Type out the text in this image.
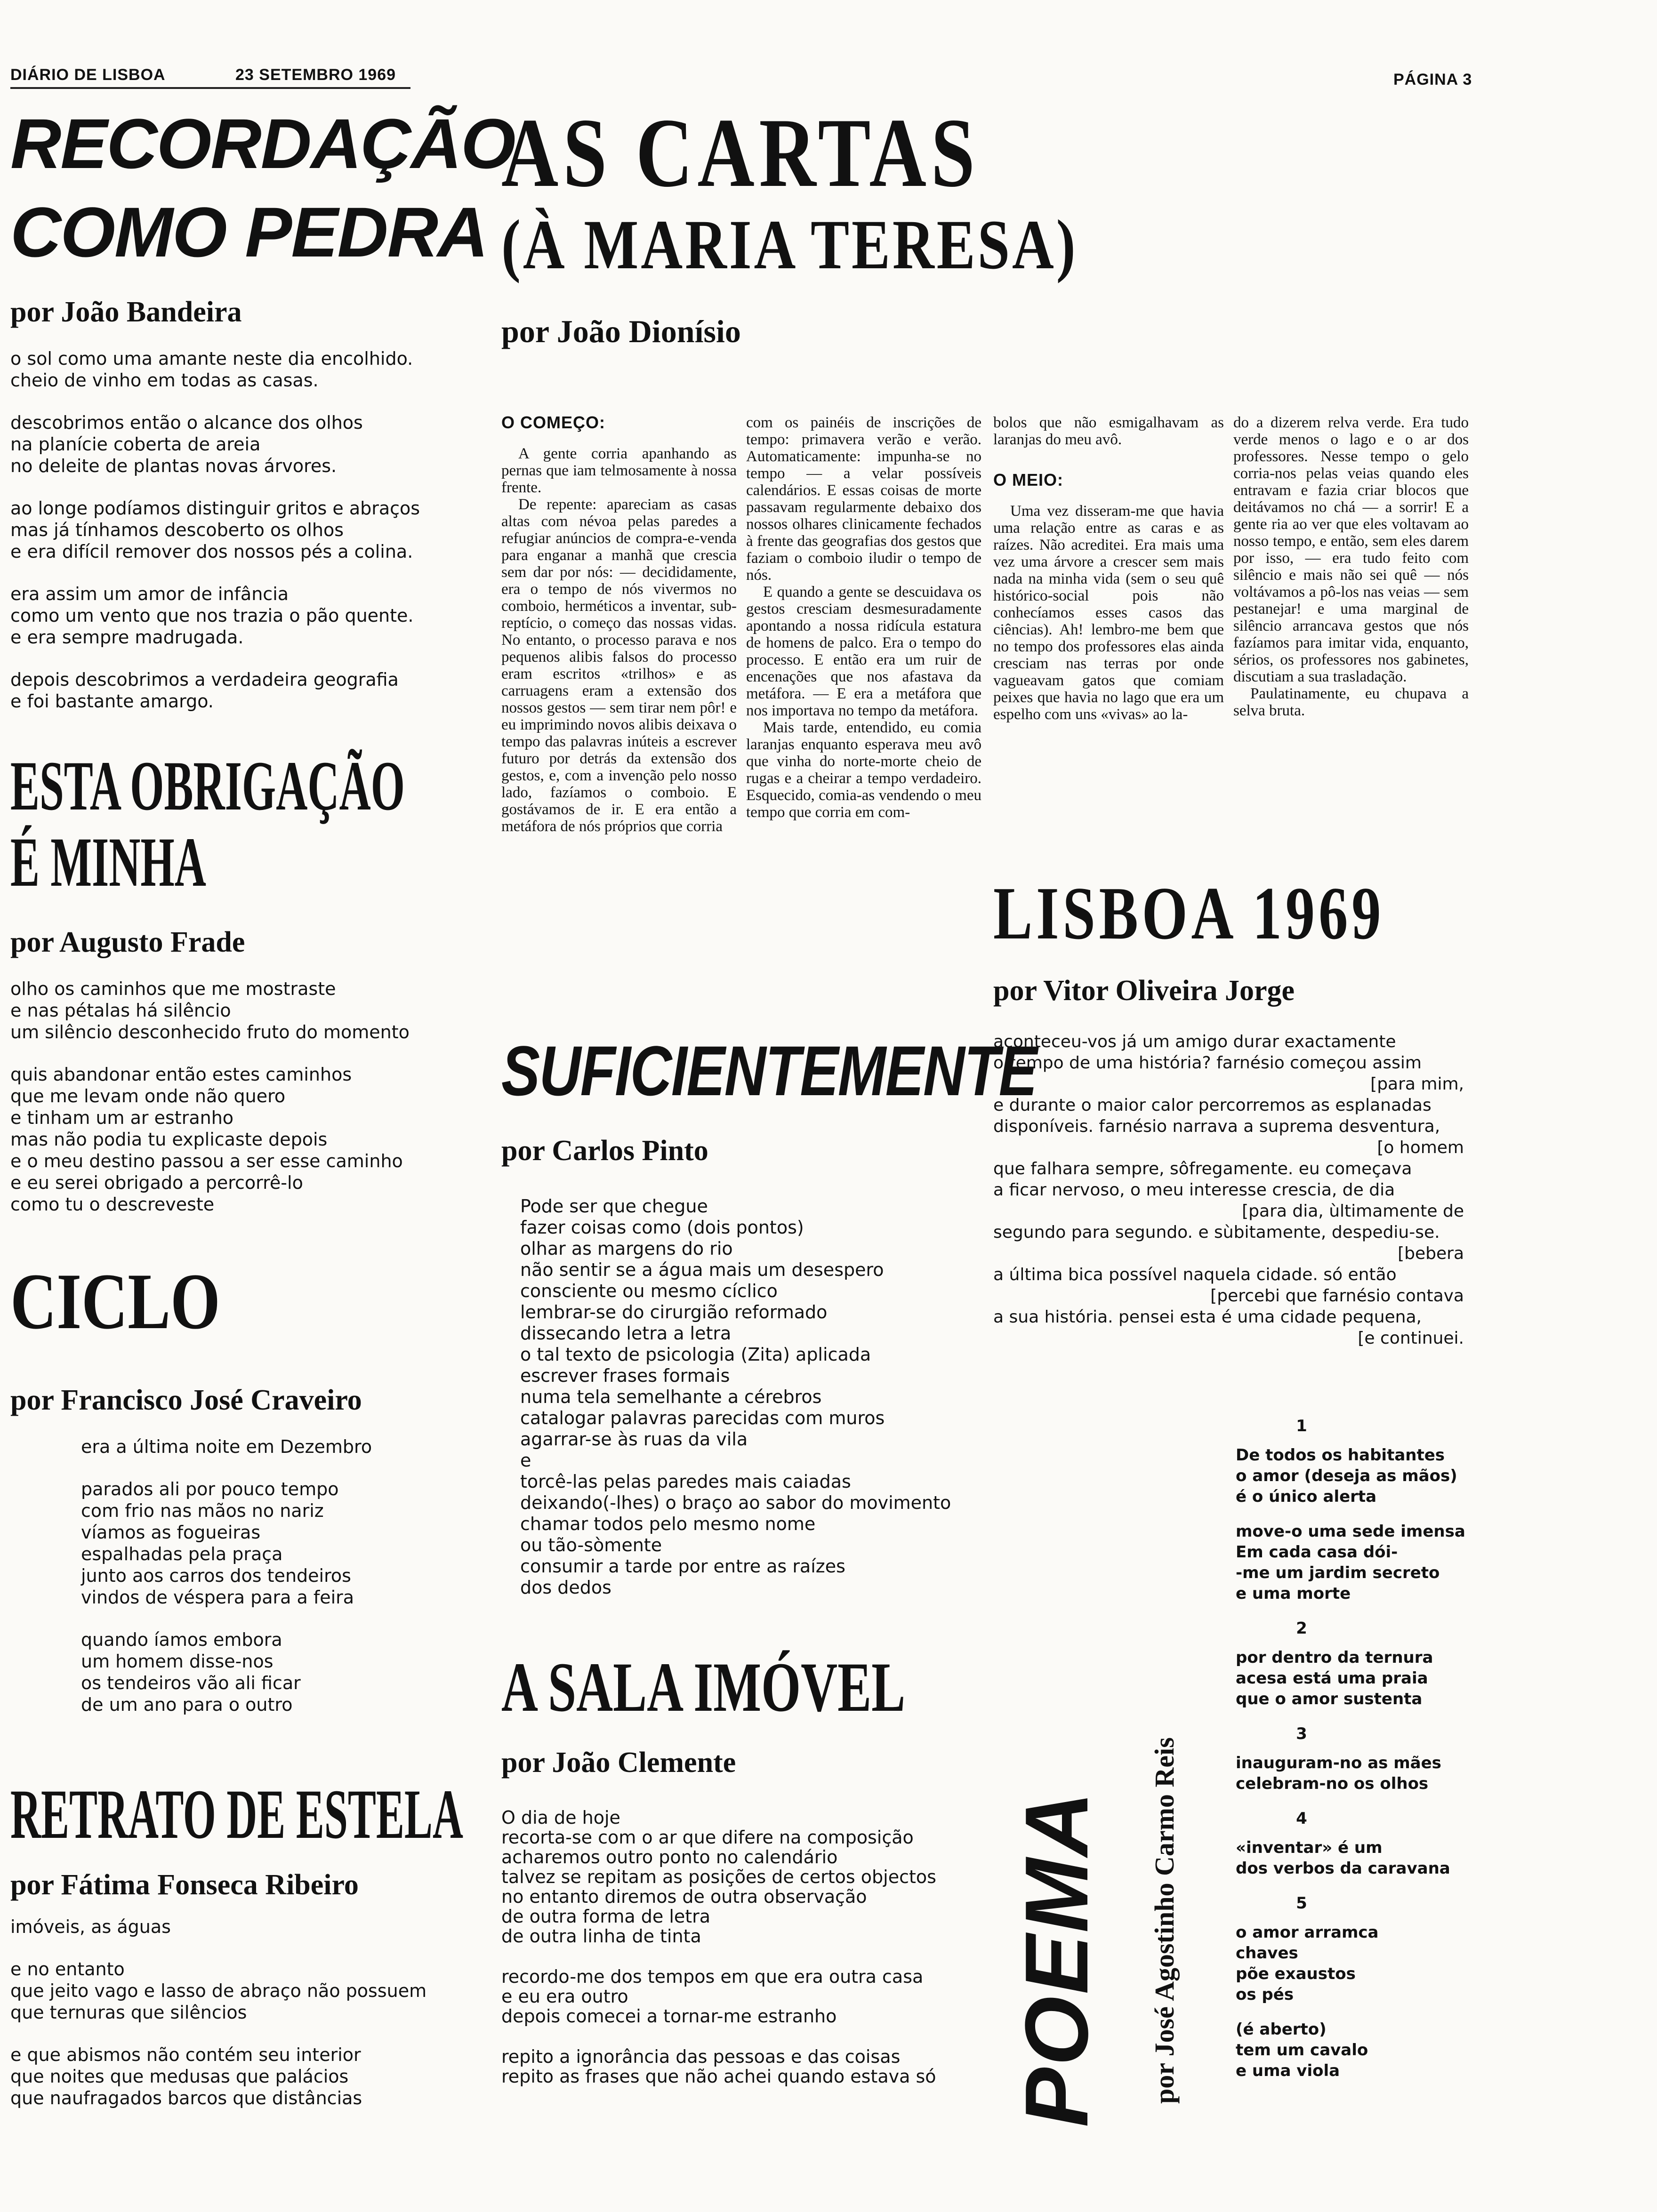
DIÁRIO DE LISBOA	23 SETEMBRO 1969	PÁGINA 3
RECORDAÇÃO
COMO PEDRA
por João Bandeira
o sol como uma amante neste dia encolhido.
cheio de vinho em todas as casas.
descobrimos então o alcance dos olhos
na planície coberta de areia
no deleite de plantas novas árvores.
ao longe podíamos distinguir gritos e abraços
mas já tínhamos descoberto os olhos
e era difícil remover dos nossos pés a colina.
era assim um amor de infância
como um vento que nos trazia o pão quente.
e era sempre madrugada.
depois descobrimos a verdadeira geografia
e foi bastante amargo.
ESTA OBRIGAÇÃO
É MINHA
por Augusto Frade
olho os caminhos que me mostraste
e nas pétalas há silêncio
um silêncio desconhecido fruto do momento
quis abandonar então estes caminhos
que me levam onde não quero
e tinham um ar estranho
mas não podia tu explicaste depois
e o meu destino passou a ser esse caminho
e eu serei obrigado a percorrê-lo
como tu o descreveste
CICLO
por Francisco José Craveiro
era a última noite em Dezembro
parados ali por pouco tempo
com frio nas mãos no nariz
víamos as fogueiras
espalhadas pela praça
junto aos carros dos tendeiros
vindos de véspera para a feira
quando íamos embora
um homem disse-nos
os tendeiros vão ali ficar
de um ano para o outro
RETRATO DE ESTELA
por Fátima Fonseca Ribeiro
imóveis, as águas
e no entanto
que jeito vago e lasso de abraço não possuem
que ternuras que silêncios
e que abismos não contém seu interior
que noites que medusas que palácios
que naufragados barcos que distâncias
AS CARTAS
(À MARIA TERESA)
por João Dionísio
O COMEÇO:

A gente corria apanhando as pernas que iam telmosamente à nossa frente.

De repente: apareciam as casas altas com névoa pelas paredes a refugiar anúncios de compra-e-venda para enganar a manhã que crescia sem dar por nós: — decididamente, era o tempo de nós vivermos no comboio, herméticos a inventar, sub-reptício, o começo das nossas vidas. No entanto, o processo parava e nos pequenos alibis falsos do processo eram escritos «trilhos» e as carruagens eram a extensão dos nossos gestos — sem tirar nem pôr! e eu imprimindo novos alibis deixava o tempo das palavras inúteis a escrever futuro por detrás da extensão dos gestos, e, com a invenção pelo nosso lado, fazíamos o comboio. E gostávamos de ir. E era então a metáfora de nós próprios que corria

com os painéis de inscrições de tempo: primavera verão e verão. Automaticamente: impunha-se no tempo — a velar possíveis calendários. E essas coisas de morte passavam regularmente debaixo dos nossos olhares clinicamente fechados à frente das geografias dos gestos que faziam o comboio iludir o tempo de nós.

E quando a gente se descuidava os gestos cresciam desmesuradamente apontando a nossa ridícula estatura de homens de palco. Era o tempo do processo. E então era um ruir de encenações que nos afastava da metáfora. — E era a metáfora que nos importava no tempo da metáfora.

Mais tarde, entendido, eu comia laranjas enquanto esperava meu avô que vinha do norte-morte cheio de rugas e a cheirar a tempo verdadeiro. Esquecido, comia-as vendendo o meu tempo que corria em com-

bolos que não esmigalhavam as laranjas do meu avô.

O MEIO:

Uma vez disseram-me que havia uma relação entre as caras e as raízes. Não acreditei. Era mais uma vez uma árvore a crescer sem mais nada na minha vida (sem o seu quê histórico-social pois não conhecíamos esses casos das ciências). Ah! lembro-me bem que no tempo dos professores elas ainda cresciam nas terras por onde vagueavam gatos que comiam peixes que havia no lago que era um espelho com uns «vivas» ao la-

do a dizerem relva verde. Era tudo verde menos o lago e o ar dos professores. Nesse tempo o gelo corria-nos pelas veias quando eles entravam e fazia criar blocos que deitávamos no chá — a sorrir! E a gente ria ao ver que eles voltavam ao nosso tempo, e então, sem eles darem por isso, — era tudo feito com silêncio e mais não sei quê — nós voltávamos a pô-los nas veias — sem pestanejar! e uma marginal de silêncio arrancava gestos que nós fazíamos para imitar vida, enquanto, sérios, os professores nos gabinetes, discutiam a sua trasladação.

Paulatinamente, eu chupava a selva bruta.

LISBOA 1969
por Vitor Oliveira Jorge
aconteceu-vos já um amigo durar exactamente
o tempo de uma história? farnésio começou assim
[para mim,
e durante o maior calor percorremos as esplanadas
disponíveis. farnésio narrava a suprema desventura,
[o homem
que falhara sempre, sôfregamente. eu começava
a ficar nervoso, o meu interesse crescia, de dia
[para dia, ùltimamente de
segundo para segundo. e sùbitamente, despediu-se.
[bebera
a última bica possível naquela cidade. só então
[percebi que farnésio contava
a sua história. pensei esta é uma cidade pequena,
[e continuei.
SUFICIENTEMENTE
por Carlos Pinto
Pode ser que chegue
fazer coisas como (dois pontos)
olhar as margens do rio
não sentir se a água mais um desespero
consciente ou mesmo cíclico
lembrar-se do cirurgião reformado
dissecando letra a letra
o tal texto de psicologia (Zita) aplicada
escrever frases formais
numa tela semelhante a cérebros
catalogar palavras parecidas com muros
agarrar-se às ruas da vila
e
torcê-las pelas paredes mais caiadas
deixando(-lhes) o braço ao sabor do movimento
chamar todos pelo mesmo nome
ou tão-sòmente
consumir a tarde por entre as raízes
dos dedos
A SALA IMÓVEL
por João Clemente
O dia de hoje
recorta-se com o ar que difere na composição
acharemos outro ponto no calendário
talvez se repitam as posições de certos objectos
no entanto diremos de outra observação
de outra forma de letra
de outra linha de tinta
recordo-me dos tempos em que era outra casa
e eu era outro
depois comecei a tornar-me estranho
repito a ignorância das pessoas e das coisas
repito as frases que não achei quando estava só POEMA por José Agostinho Carmo Reis
1
De todos os habitantes
o amor (deseja as mãos)
é o único alerta
move-o uma sede imensa
Em cada casa dói-
-me um jardim secreto
e uma morte
2
por dentro da ternura
acesa está uma praia
que o amor sustenta
3
inauguram-no as mães
celebram-no os olhos
4
«inventar» é um
dos verbos da caravana
5
o amor arramca
chaves
põe exaustos
os pés
(é aberto)
tem um cavalo
e uma viola
